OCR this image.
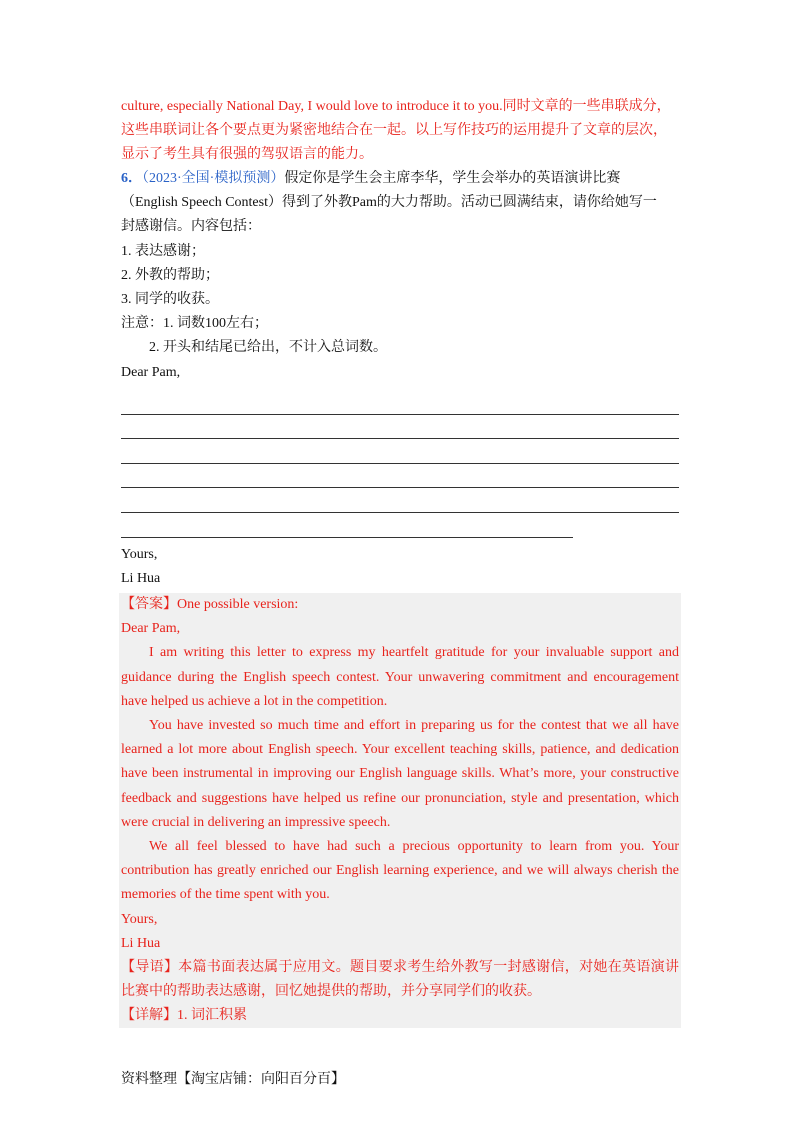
culture, especially National Day, I would love to introduce it to you.同时文章的一些串联成分，

这些串联词让各个要点更为紧密地结合在一起。以上写作技巧的运用提升了文章的层次，

显示了考生具有很强的驾驭语言的能力。

6．（2023·全国·模拟预测）假定你是学生会主席李华，学生会举办的英语演讲比赛

（English Speech Contest）得到了外教Pam的大力帮助。活动已圆满结束，请你给她写一

封感谢信。内容包括：

1. 表达感谢；

2. 外教的帮助；

3. 同学的收获。

注意：1. 词数100左右；

2. 开头和结尾已给出，不计入总词数。

Dear Pam,

Yours,

Li Hua

【答案】One possible version:

Dear Pam,

I am writing this letter to express my heartfelt gratitude for your invaluable support and guidance during the English speech contest. Your unwavering commitment and encouragement have helped us achieve a lot in the competition.

You have invested so much time and effort in preparing us for the contest that we all have learned a lot more about English speech. Your excellent teaching skills, patience, and dedication have been instrumental in improving our English language skills. What’s more, your constructive feedback and suggestions have helped us refine our pronunciation, style and presentation, which were crucial in delivering an impressive speech.

We all feel blessed to have had such a precious opportunity to learn from you. Your contribution has greatly enriched our English learning experience, and we will always cherish the memories of the time spent with you.

Yours,

Li Hua

【导语】本篇书面表达属于应用文。题目要求考生给外教写一封感谢信，对她在英语演讲比赛中的帮助表达感谢，回忆她提供的帮助，并分享同学们的收获。

【详解】1. 词汇积累

资料整理【淘宝店铺：向阳百分百】
